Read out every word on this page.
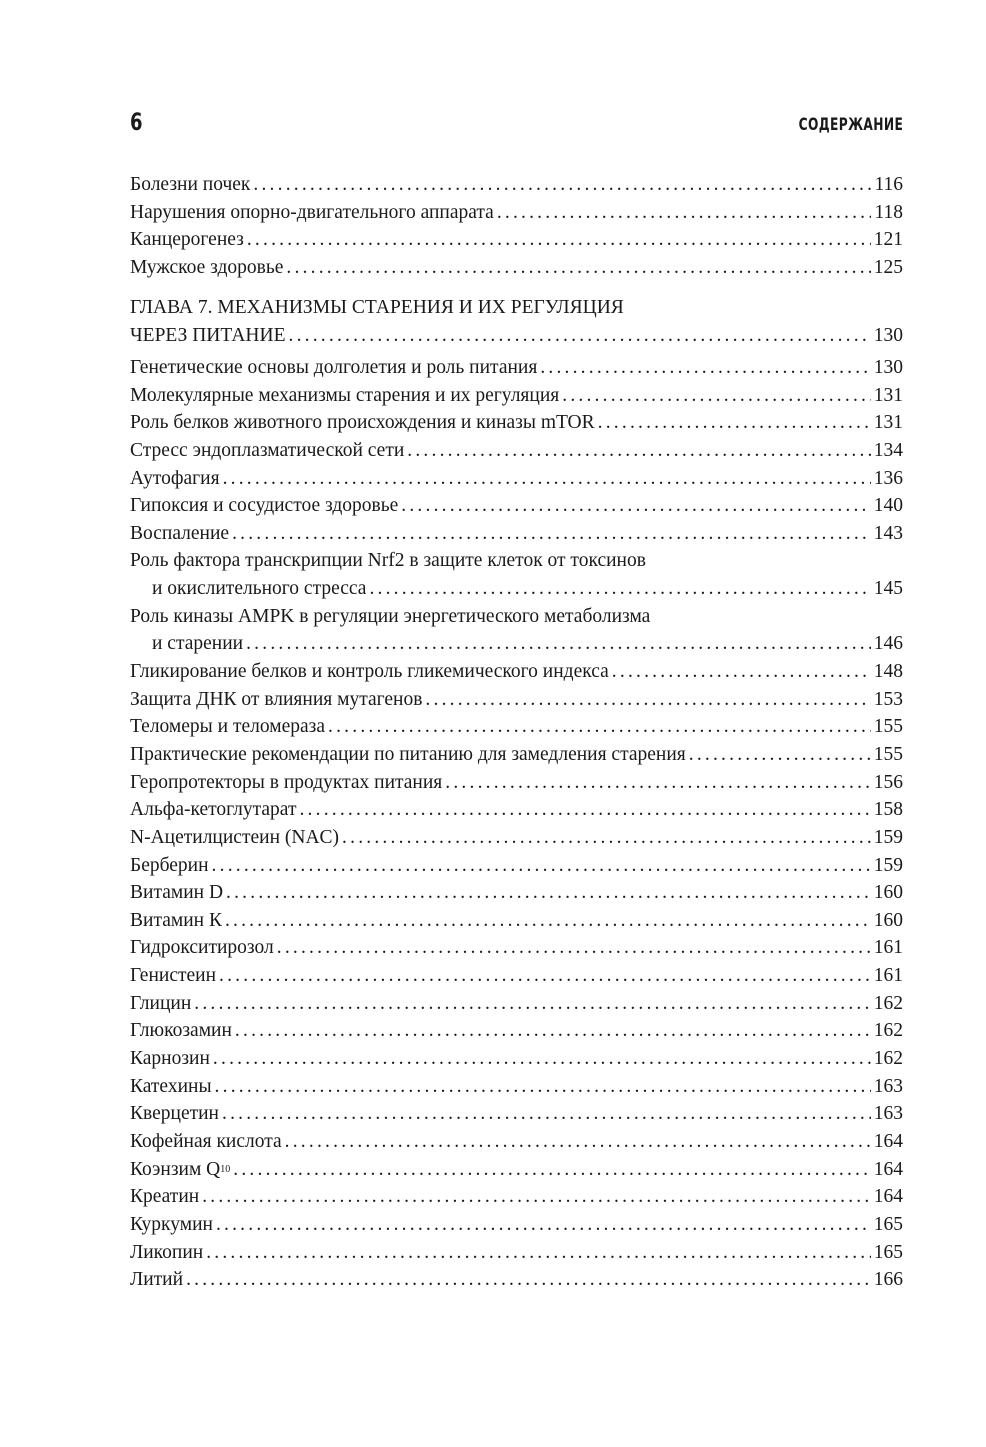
6	СОДЕРЖАНИЕ
Болезни почек .....	116
Нарушения опорно-двигательного аппарата .....	118
Канцерогенез .....	121
Мужское здоровье .....	125
ГЛАВА 7. МЕХАНИЗМЫ СТАРЕНИЯ И ИХ РЕГУЛЯЦИЯ
ЧЕРЕЗ ПИТАНИЕ .....	130
Генетические основы долголетия и роль питания .....	130
Молекулярные механизмы старения и их регуляция .....	131
Роль белков животного происхождения и киназы mTOR .....	131
Стресс эндоплазматической сети .....	134
Аутофагия .....	136
Гипоксия и сосудистое здоровье .....	140
Воспаление .....	143
Роль фактора транскрипции Nrf2 в защите клеток от токсинов
и окислительного стресса .....	145
Роль киназы AMPK в регуляции энергетического метаболизма
и старении .....	146
Гликирование белков и контроль гликемического индекса .....	148
Защита ДНК от влияния мутагенов .....	153
Теломеры и теломераза .....	155
Практические рекомендации по питанию для замедления старения .....	155
Геропротекторы в продуктах питания .....	156
Альфа-кетоглутарат .....	158
N-Ацетилцистеин (NAC) .....	159
Берберин .....	159
Витамин D .....	160
Витамин К .....	160
Гидрокситирозол .....	161
Генистеин .....	161
Глицин .....	162
Глюкозамин .....	162
Карнозин .....	162
Катехины .....	163
Кверцетин .....	163
Кофейная кислота .....	164
Коэнзим Q 10 .....	164
Креатин .....	164
Куркумин .....	165
Ликопин .....	165
Литий .....	166
